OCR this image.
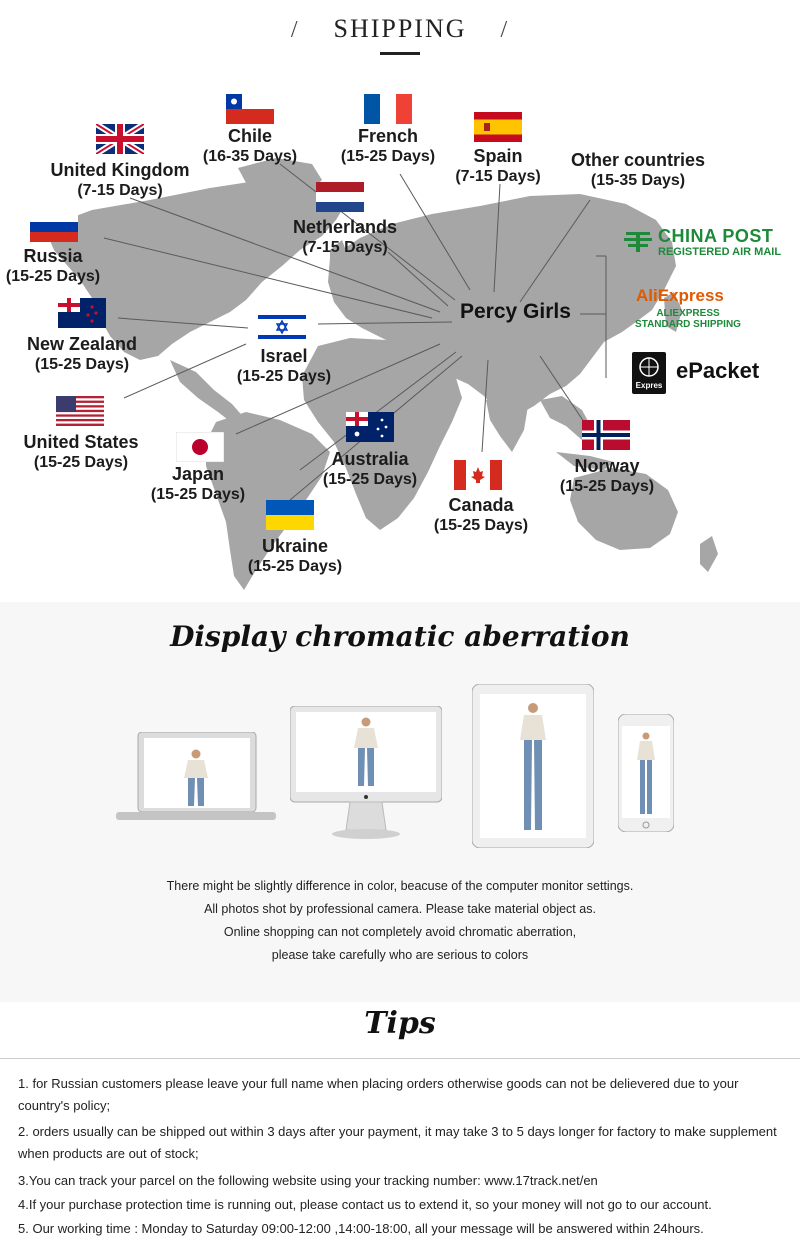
/ SHIPPING /
Percy Girls
United Kingdom
(7-15 Days)
Chile
(16-35 Days)
French
(15-25 Days)	Spain
(7-15 Days)
Other countries
(15-35 Days)
Netherlands
(7-15 Days)
Russia
(15-25 Days)
New Zealand
(15-25 Days)	Israel
(15-25 Days)
United States
(15-25 Days)
Japan
(15-25 Days)
Australia
(15-25 Days)
Canada
(15-25 Days)
Norway
(15-25 Days)
Ukraine
(15-25 Days)
CHINA POST
REGISTERED AIR MAIL
AliExpress
ALIEXPRESS
STANDARD SHIPPING
Expres
ePacket
Display chromatic aberration
There might be slightly difference in color, beacuse of the computer monitor settings.
All photos shot by professional camera. Please take material object as.
Online shopping can not completely avoid chromatic aberration,
please take carefully who are serious to colors
Tips
1. for Russian customers please leave your full name when placing orders otherwise goods can not be delievered due to your country's policy;
2. orders usually can be shipped out within 3 days after your payment, it may take 3 to 5 days longer for factory to make supplement when products are out of stock;
3.You can track your parcel on the following website using your tracking number: www.17track.net/en
4.If your purchase protection time is running out, please contact us to extend it, so your money will not go to our account.
5. Our working time : Monday to Saturday 09:00-12:00 ,14:00-18:00, all your message will be answered within 24hours.
